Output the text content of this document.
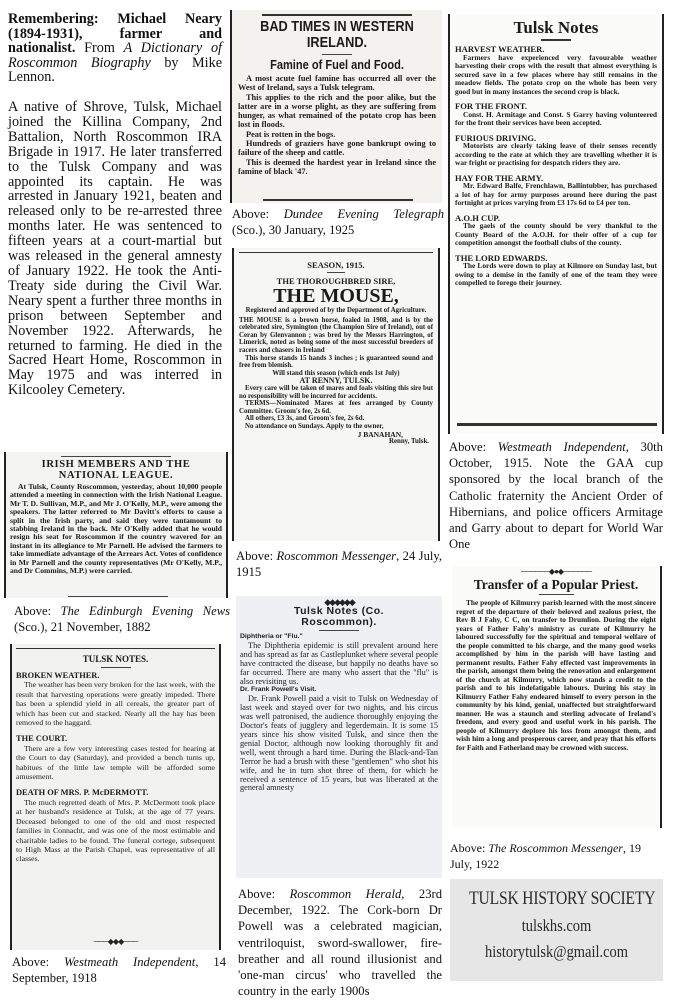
Remembering: Michael Neary (1894-1931), farmer and nationalist. From A Dictionary of Roscommon Biography by Mike Lennon.
A native of Shrove, Tulsk, Michael joined the Killina Company, 2nd Battalion, North Roscommon IRA Brigade in 1917. He later transferred to the Tulsk Company and was appointed its captain. He was arrested in January 1921, beaten and released only to be re-arrested three months later. He was sentenced to fifteen years at a court-martial but was released in the general amnesty of January 1922. He took the Anti-Treaty side during the Civil War. Neary spent a further three months in prison between September and November 1922. Afterwards, he returned to farming. He died in the Sacred Heart Home, Roscommon in May 1975 and was interred in Kilcooley Cemetery.
BAD TIMES IN WESTERN IRELAND.
Famine of Fuel and Food.

A most acute fuel famine has occurred all over the West of Ireland, says a Tulsk telegram.

This applies to the rich and the poor alike, but the latter are in a worse plight, as they are suffering from hunger, as what remained of the potato crop has been lost in floods.

Peat is rotten in the bogs.

Hundreds of graziers have gone bankrupt owing to failure of the sheep and cattle.

This is deemed the hardest year in Ireland since the famine of black '47.

Above: Dundee Evening Telegraph (Sco.), 30 January, 1925
SEASON, 1915.
THE THOROUGHBRED SIRE,
THE MOUSE,
Registered and approved of by the Department of Agriculture.

THE MOUSE is a brown horse, foaled in 1908, and is by the celebrated sire, Symington (the Champion Sire of Ireland), out of Ceran by Glenvannon ; was bred by the Messrs Harrington, of Limerick, noted as being some of the most successful breeders of racers and chasers in Ireland

This horse stands 15 hands 3 inches ; is guaranteed sound and free from blemish.

Will stand this season (which ends 1st July)

AT RENNY, TULSK.

Every care will be taken of mares and foals visiting this sire but no responsibility will be incurred for accidents.

TERMS—Nominated Mares at fees arranged by County Committee. Groom's fee, 2s 6d.

All others, £3 3s, and Groom's fee, 2s 6d.

No attendance on Sundays. Apply to the owner,

J BANAHAN,

Renny, Tulsk.

Above: Roscommon Messenger, 24 July, 1915
Tulsk Notes
HARVEST WEATHER.

Farmers have experienced very favourable weather harvesting their crops with the result that almost everything is secured save in a few places where hay still remains in the meadow fields. The potato crop on the whole has been very good but in many instances the second crop is black.

FOR THE FRONT.

Const. H. Armitage and Const. S Garry having volunteered for the front their services have been accepted.

FURIOUS DRIVING.

Motorists are clearly taking leave of their senses recently according to the rate at which they are travelling whether it is war fright or practising for despatch riders they are.

HAY FOR THE ARMY.

Mr. Edward Balfe, Frenchlawn, Ballintubber, has purchased a lot of hay for army purposes around here during the past fortnight at prices varying from £3 17s 6d to £4 per ton.

A.O.H CUP.

The gaels of the county should be very thankful to the County Board of the A.O.H. for their offer of a cup for competition amongst the football clubs of the county.

THE LORD EDWARDS.

The Lords were down to play at Kilmore on Sunday last, but owing to a demise in the family of one of the team they were compelled to forego their journey.

Above: Westmeath Independent, 30th October, 1915. Note the GAA cup sponsored by the local branch of the Catholic fraternity the Ancient Order of Hibernians, and police officers Armitage and Garry about to depart for World War One
IRISH MEMBERS AND THE NATIONAL LEAGUE.

At Tulsk, County Roscommon, yesterday, about 10,000 people attended a meeting in connection with the Irish National League. Mr T. D. Sullivan, M.P., and Mr J. O'Kelly, M.P., were among the speakers. The latter referred to Mr Davitt's efforts to cause a split in the Irish party, and said they were tantamount to stabbing Ireland in the back. Mr O'Kelly added that he would resign his seat for Roscommon if the country wavered for an instant in its allegiance to Mr Parnell. He advised the farmers to take immediate advantage of the Arrears Act. Votes of confidence in Mr Parnell and the county representatives (Mr O'Kelly, M.P., and Dr Commins, M.P.) were carried.

Above: The Edinburgh Evening News (Sco.), 21 November, 1882
TULSK NOTES.
BROKEN WEATHER.

The weather has been very broken for the last week, with the result that harvesting operations were greatly impeded. There has been a splendid yield in all cereals, the greater part of which has been cut and stacked. Nearly all the hay has been removed to the haggard.

THE COURT.

There are a few very interesting cases tested for hearing at the Court to day (Saturday), and provided a bench turns up, habitues of the little law temple will be afforded some amusement.

DEATH OF MRS. P. McDERMOTT.

The much regretted death of Mrs. P. McDermott took place at her husband's residence at Tulsk, at the age of 77 years. Deceased belonged to one of the old and most respected families in Connacht, and was one of the most estimable and charitable ladies to be found. The funeral cortege, subsequent to High Mass at the Parish Chapel, was representative of all classes.

───◆◆◆───
Above: Westmeath Independent, 14 September, 1918
◆◆◆◆◆◆
Tulsk Notes (Co. Roscommon).
Diphtheria or "Flu."

The Diphtheria epidemic is still prevalent around here and has spread as far as Castleplunket where several people have contracted the disease, but happily no deaths have so far occurred. There are many who assert that the "flu" is also revisiting us.

Dr. Frank Powell's Visit.

Dr. Frank Powell paid a visit to Tulsk on Wednesday of last week and stayed over for two nights, and his circus was well patronised, the audience thoroughly enjoying the Doctor's feats of jugglery and legerdemain. It is some 15 years since his show visited Tulsk, and since then the genial Doctor, although now looking thoroughly fit and well, went through a hard time. During the Black-and-Tan Terror he had a brush with these "gentlemen" who shot his wife, and he in turn shot three of them, for which he received a sentence of 15 years, but was liberated at the general amnesty

Above: Roscommon Herald, 23rd December, 1922. The Cork-born Dr Powell was a celebrated magician, ventriloquist, sword-swallower, fire-breather and all round illusionist and 'one-man circus' who travelled the country in the early 1900s
──────◆●◆──────
Transfer of a Popular Priest.

The people of Kilmurry parish learned with the most sincere regret of the departure of their beloved and zealous priest, the Rev B J Fahy, C C, on transfer to Drumlion. During the eight years of Father Fahy's ministry as curate of Kilmurry he laboured successfully for the spiritual and temporal welfare of the people committed to his charge, and the many good works accomplished by him in the parish will have lasting and permanent results. Father Fahy effected vast improvements in the parish, amongst them being the renovation and enlargement of the church at Kilmurry, which now stands a credit to the parish and to his indefatigable labours. During his stay in Kilmurry Father Fahy endeared himself to every person in the community by his kind, genial, unaffected but straightforward manner. He was a staunch and sterling advocate of Ireland's freedom, and every good and useful work in his parish. The people of Kilmurry deplore his loss from amongst them, and wish him a long and prosperous career, and pray that his efforts for Faith and Fatherland may be crowned with success.

Above: The Roscommon Messenger, 19 July, 1922
TULSK HISTORY SOCIETY
tulskhs.com
historytulsk@gmail.com
